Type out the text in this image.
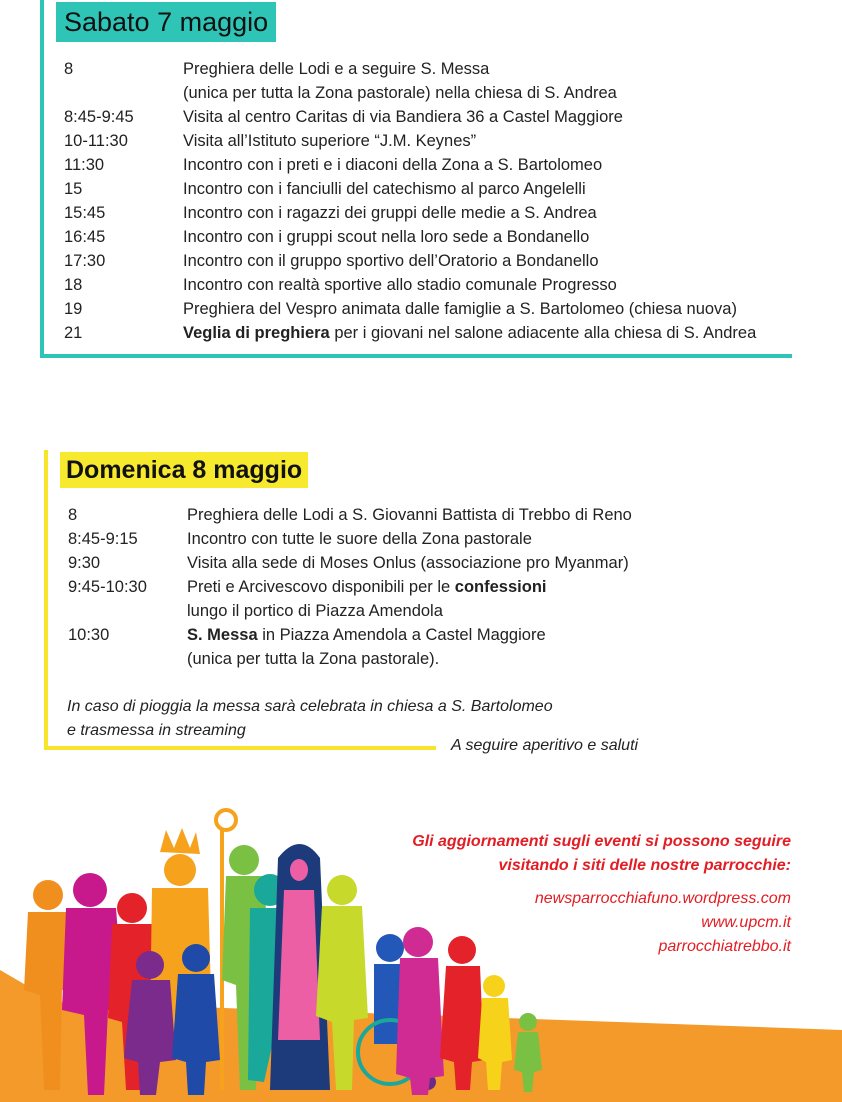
Sabato 7 maggio
8	Preghiera delle Lodi e a seguire S. Messa
(unica per tutta la Zona pastorale) nella chiesa di S. Andrea
8:45-9:45	Visita al centro Caritas di via Bandiera 36 a Castel Maggiore
10-11:30	Visita all’Istituto superiore “J.M. Keynes”
11:30	Incontro con i preti e i diaconi della Zona a S. Bartolomeo
15	Incontro con i fanciulli del catechismo al parco Angelelli
15:45	Incontro con i ragazzi dei gruppi delle medie a S. Andrea
16:45	Incontro con i gruppi scout nella loro sede a Bondanello
17:30	Incontro con il gruppo sportivo dell’Oratorio a Bondanello
18	Incontro con realtà sportive allo stadio comunale Progresso
19	Preghiera del Vespro animata dalle famiglie a S. Bartolomeo (chiesa nuova)
21	Veglia di preghiera per i giovani nel salone adiacente alla chiesa di S. Andrea
Domenica 8 maggio
8	Preghiera delle Lodi a S. Giovanni Battista di Trebbo di Reno
8:45-9:15	Incontro con tutte le suore della Zona pastorale
9:30	Visita alla sede di Moses Onlus (associazione pro Myanmar)
9:45-10:30 Preti e Arcivescovo disponibili per le confessioni
lungo il portico di Piazza Amendola
10:30	S. Messa in Piazza Amendola a Castel Maggiore
(unica per tutta la Zona pastorale).
In caso di pioggia la messa sarà celebrata in chiesa a S. Bartolomeo
e trasmessa in streaming
A seguire aperitivo e saluti
Gli aggiornamenti sugli eventi si possono seguire
visitando i siti delle nostre parrocchie:
newsparrocchiafuno.wordpress.com
www.upcm.it
parrocchiatrebbo.it
